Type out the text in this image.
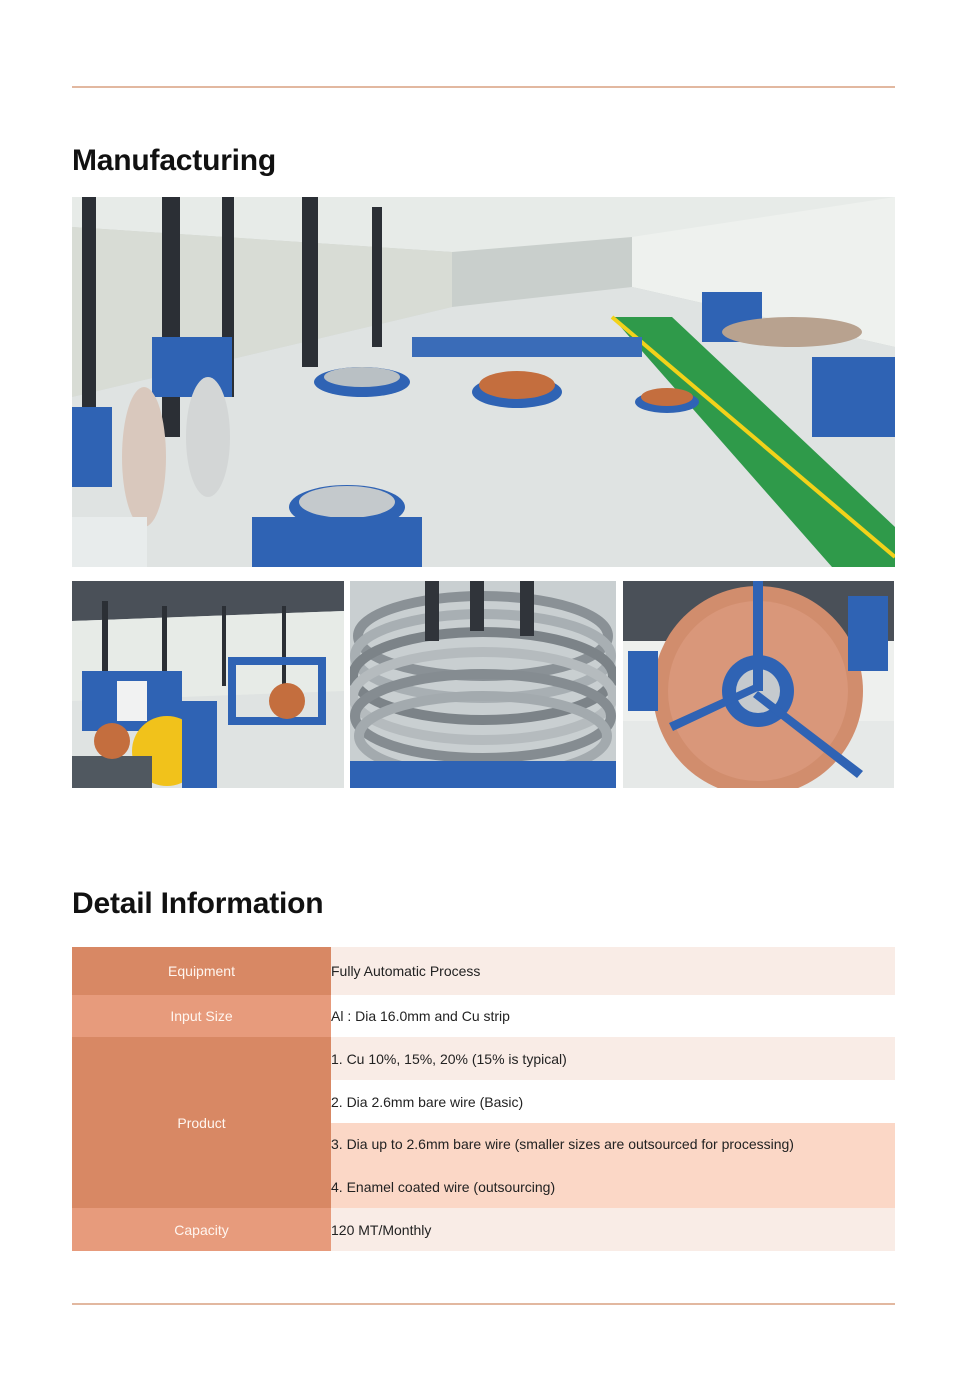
Manufacturing
Detail Information
Equipment	Fully Automatic Process
Input Size	Al : Dia 16.0mm and Cu strip
Product	1. Cu 10%, 15%, 20% (15% is typical)
	2. Dia 2.6mm bare wire (Basic)
	3. Dia up to 2.6mm bare wire (smaller sizes are outsourced for processing)
	4. Enamel coated wire (outsourcing)
Capacity	120 MT/Monthly
